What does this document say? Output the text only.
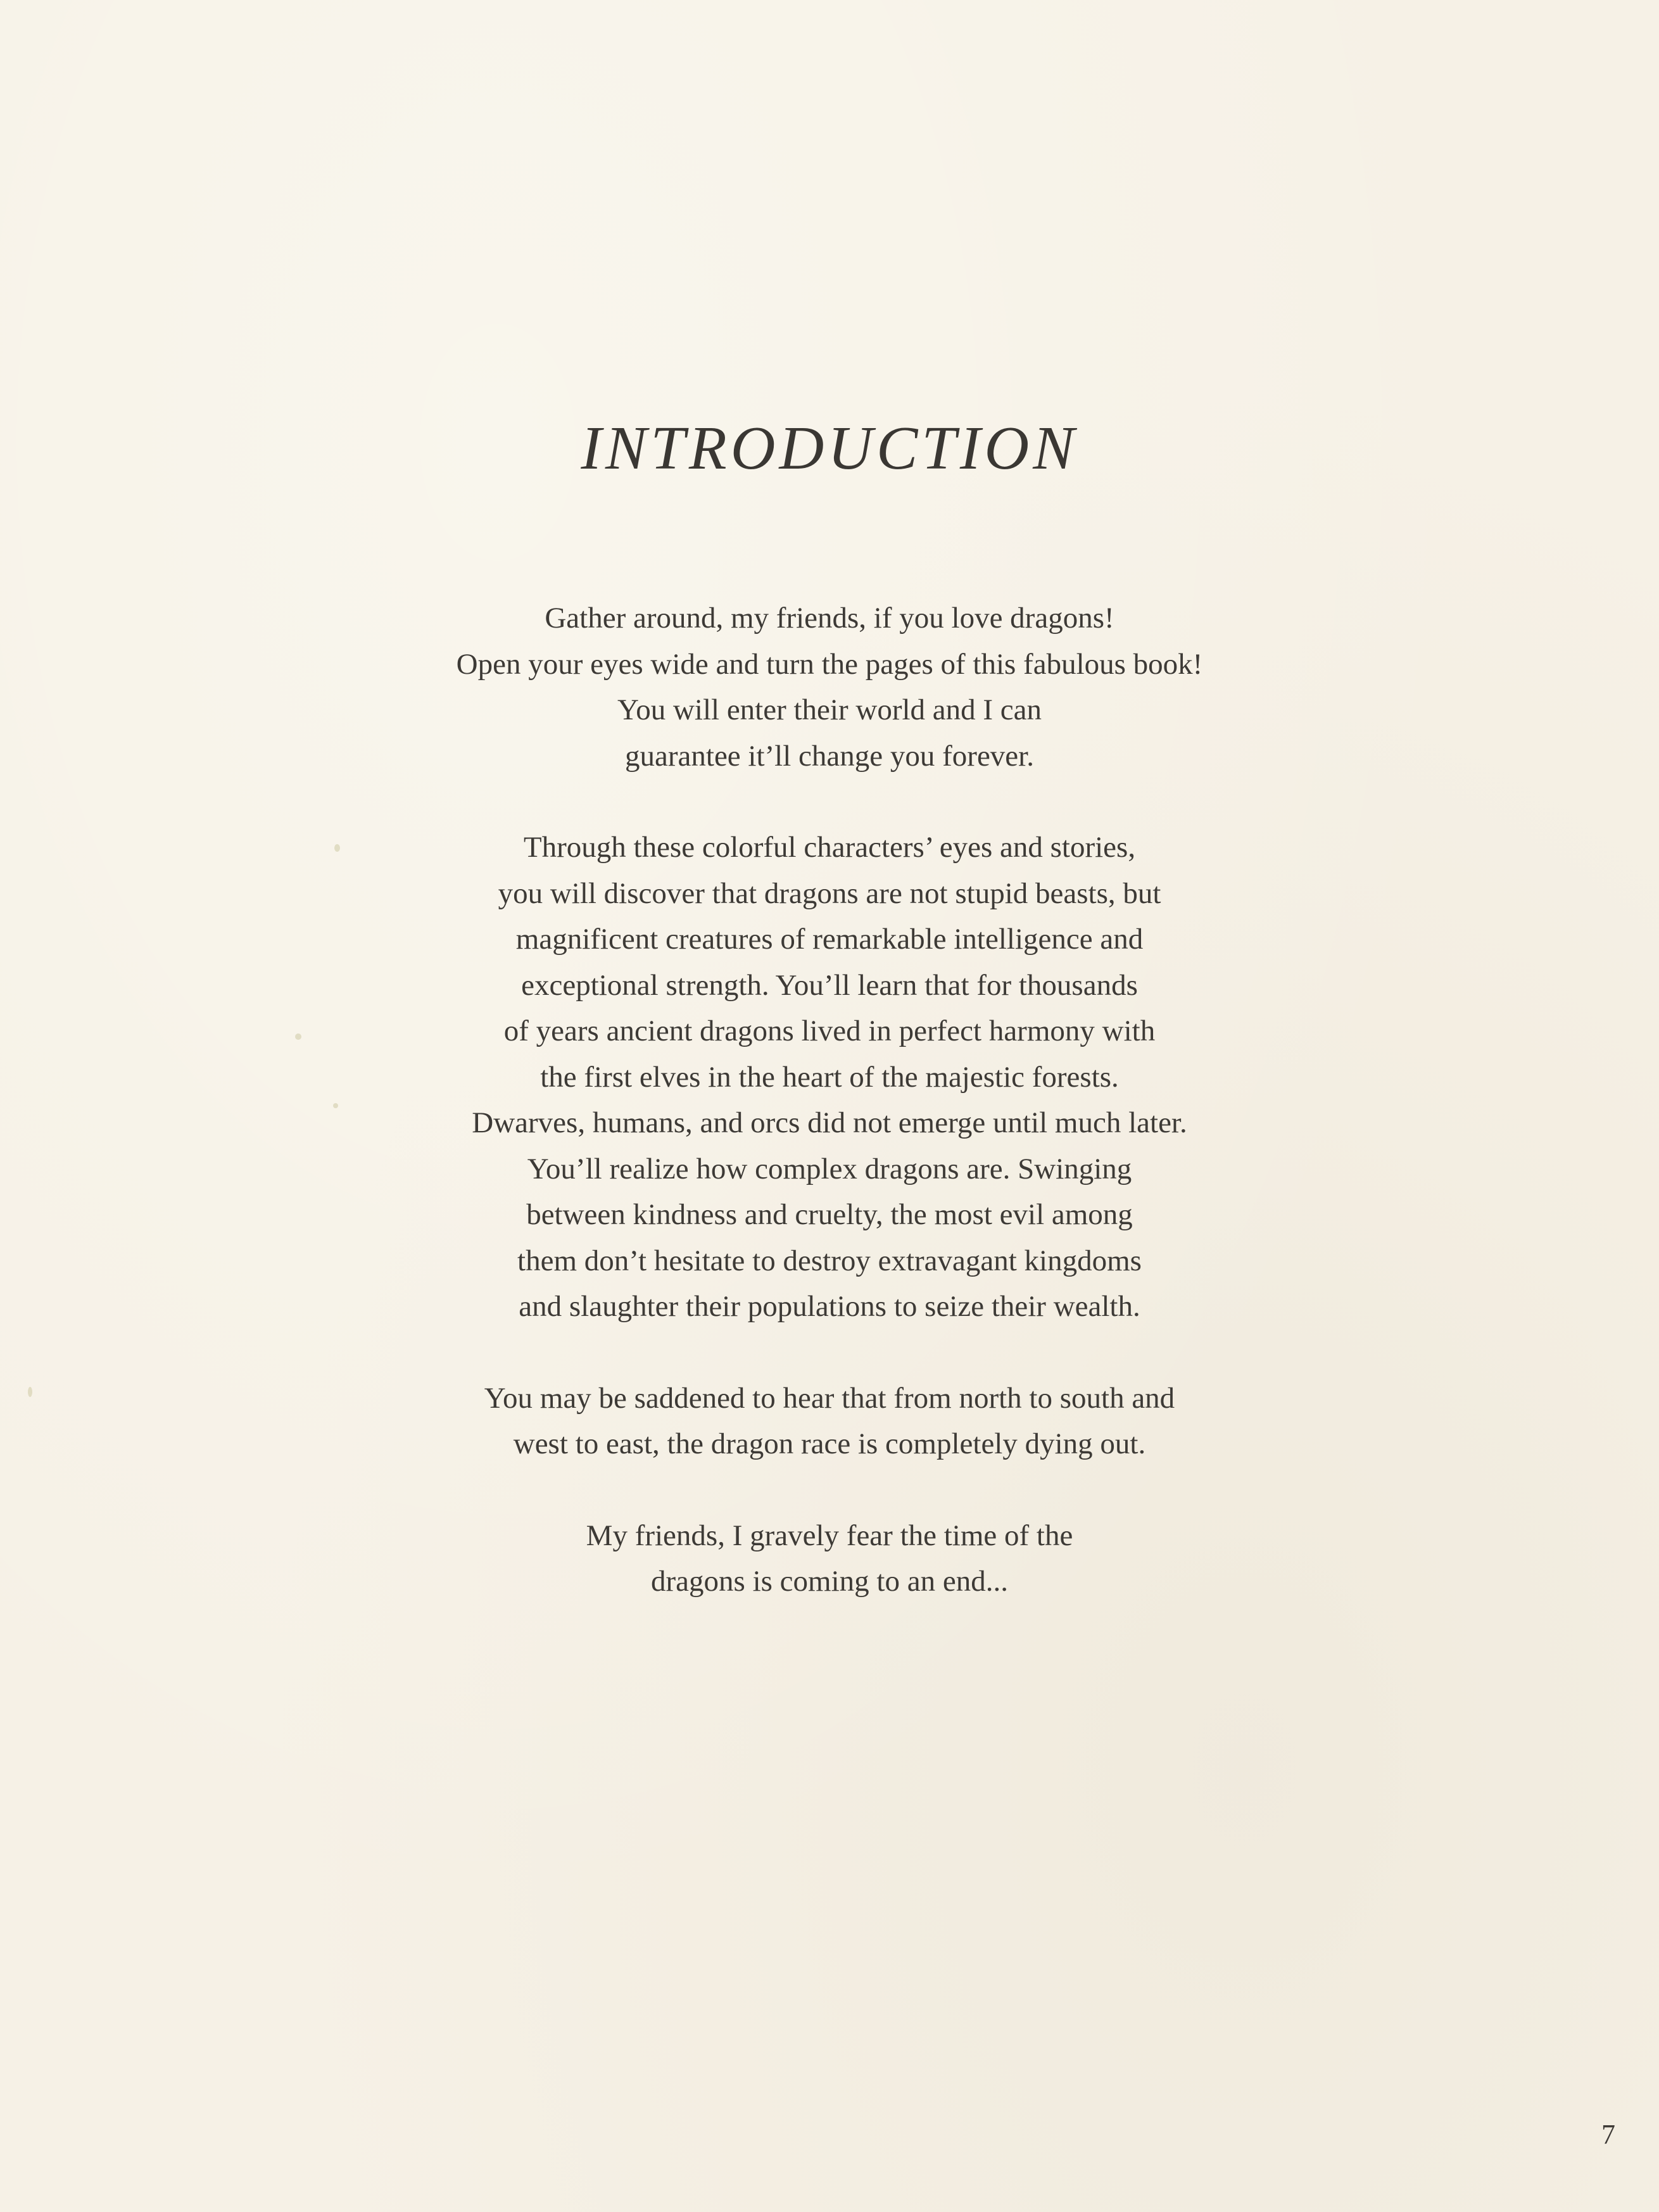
INTRODUCTION

Gather around, my friends, if you love dragons!
Open your eyes wide and turn the pages of this fabulous book!
You will enter their world and I can
guarantee it’ll change you forever.

Through these colorful characters’ eyes and stories,
you will discover that dragons are not stupid beasts, but
magnificent creatures of remarkable intelligence and
exceptional strength. You’ll learn that for thousands
of years ancient dragons lived in perfect harmony with
the first elves in the heart of the majestic forests.
Dwarves, humans, and orcs did not emerge until much later.
You’ll realize how complex dragons are. Swinging
between kindness and cruelty, the most evil among
them don’t hesitate to destroy extravagant kingdoms
and slaughter their populations to seize their wealth.

You may be saddened to hear that from north to south and
west to east, the dragon race is completely dying out.

My friends, I gravely fear the time of the
dragons is coming to an end...

7
